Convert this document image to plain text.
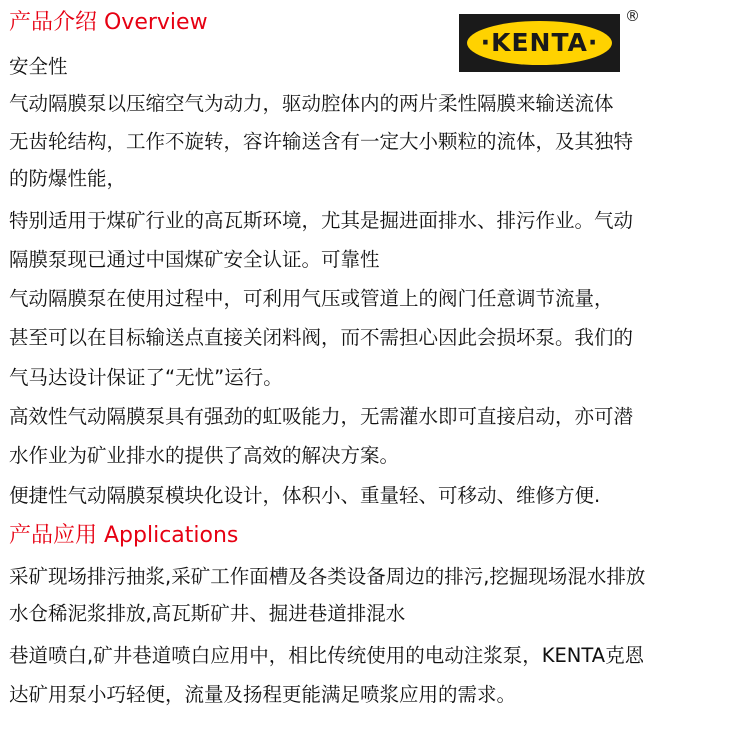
产品介绍 Overview
·KENTA·
®

安全性

气动隔膜泵以压缩空气为动力，驱动腔体内的两片柔性隔膜来输送流体

无齿轮结构，工作不旋转，容许输送含有一定大小颗粒的流体，及其独特

的防爆性能，

特别适用于煤矿行业的高瓦斯环境，尤其是掘进面排水、排污作业。气动

隔膜泵现已通过中国煤矿安全认证。可靠性

气动隔膜泵在使用过程中，可利用气压或管道上的阀门任意调节流量，

甚至可以在目标输送点直接关闭料阀，而不需担心因此会损坏泵。我们的

气马达设计保证了“无忧”运行。

高效性气动隔膜泵具有强劲的虹吸能力，无需灌水即可直接启动，亦可潜

水作业为矿业排水的提供了高效的解决方案。

便捷性气动隔膜泵模块化设计，体积小、重量轻、可移动、维修方便.

产品应用 Applications

采矿现场排污抽浆,采矿工作面槽及各类设备周边的排污,挖掘现场混水排放

水仓稀泥浆排放,高瓦斯矿井、掘进巷道排混水

巷道喷白,矿井巷道喷白应用中，相比传统使用的电动注浆泵，KENTA克恩

达矿用泵小巧轻便，流量及扬程更能满足喷浆应用的需求。
